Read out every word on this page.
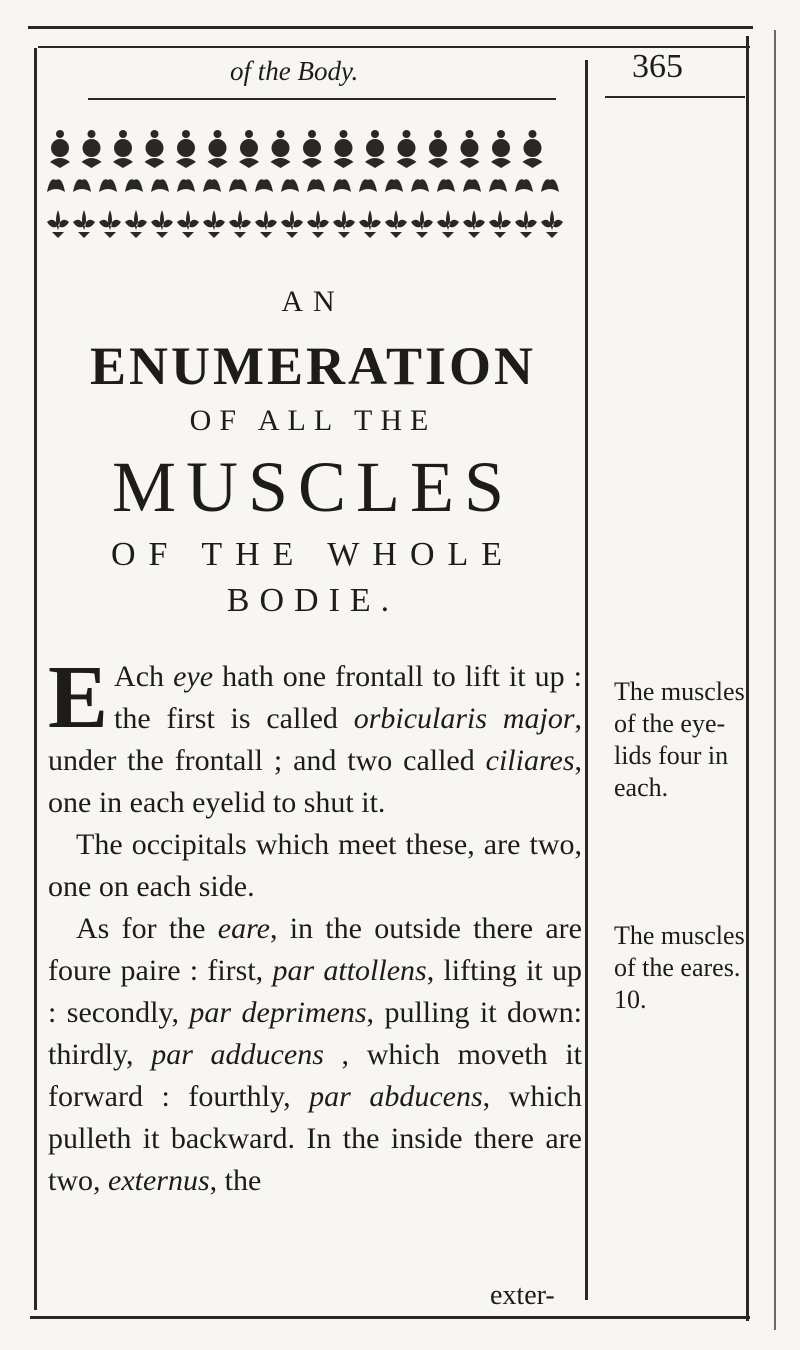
of the Body.	365
AN
ENUMERATION
OF ALL THE
MUSCLES
OF THE WHOLE
BODIE.

E Ach eye hath one frontall to lift it up : the first is called orbicularis major, under the frontall ; and two called ciliares, one in each eyelid to shut it.

The occipitals which meet these, are two, one on each side.

As for the eare, in the outside there are foure paire : first, par attollens, lifting it up : secondly, par deprimens, pulling it down: thirdly, par adducens , which moveth it forward : fourthly, par abducens, which pulleth it backward. In the inside there are two, externus, the

exter-
The muscles of the eye-lids four in each.
The muscles of the eares. 10.
